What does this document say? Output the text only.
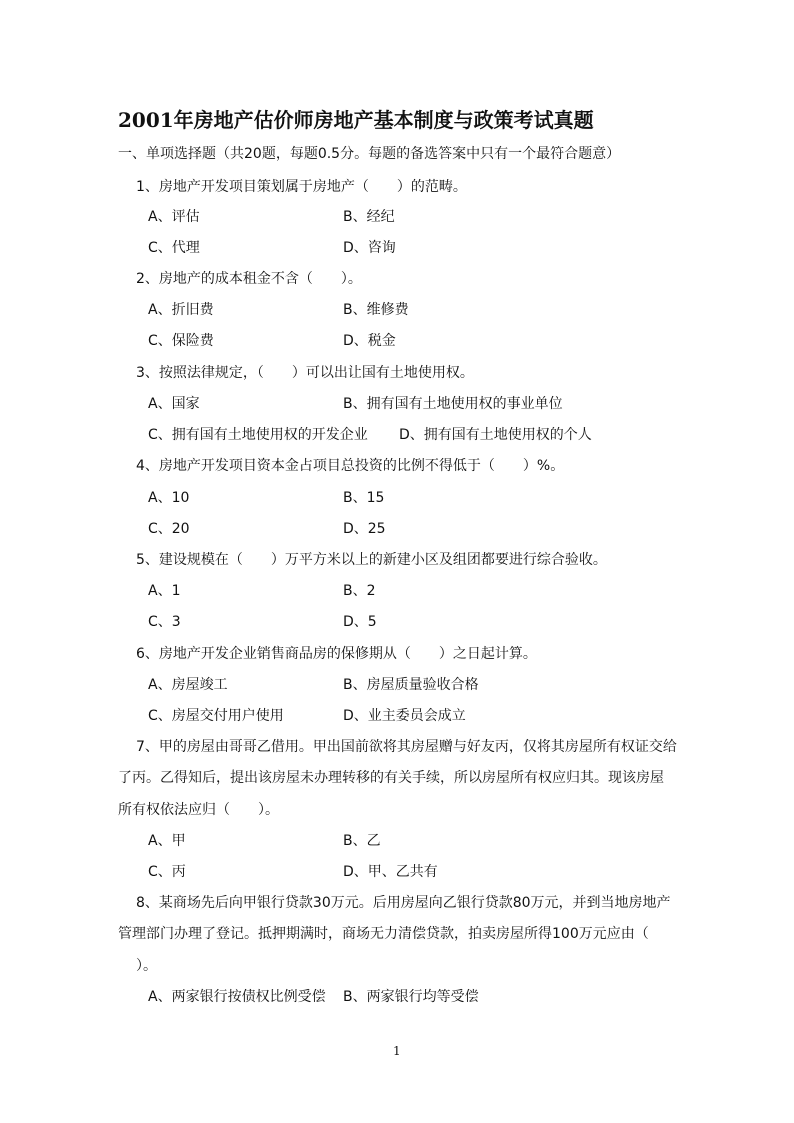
2001年房地产估价师房地产基本制度与政策考试真题
一、单项选择题（共20题，每题0.5分。每题的备选答案中只有一个最符合题意）
1、房地产开发项目策划属于房地产（　　）的范畴。
A、评估	B、经纪
C、代理	D、咨询
2、房地产的成本租金不含（　　）。
A、折旧费	B、维修费
C、保险费	D、税金
3、按照法律规定，（　　）可以出让国有土地使用权。
A、国家	B、拥有国有土地使用权的事业单位
C、拥有国有土地使用权的开发企业 D、拥有国有土地使用权的个人
4、房地产开发项目资本金占项目总投资的比例不得低于（　　）%。
A、10	B、15
C、20	D、25
5、建设规模在（　　）万平方米以上的新建小区及组团都要进行综合验收。
A、1	B、2
C、3	D、5
6、房地产开发企业销售商品房的保修期从（　　）之日起计算。
A、房屋竣工	B、房屋质量验收合格
C、房屋交付用户使用	D、业主委员会成立
7、甲的房屋由哥哥乙借用。甲出国前欲将其房屋赠与好友丙，仅将其房屋所有权证交给
了丙。乙得知后，提出该房屋未办理转移的有关手续，所以房屋所有权应归其。现该房屋
所有权依法应归（　　）。
A、甲	B、乙
C、丙	D、甲、乙共有
8、某商场先后向甲银行贷款30万元。后用房屋向乙银行贷款80万元，并到当地房地产
管理部门办理了登记。抵押期满时，商场无力清偿贷款，拍卖房屋所得100万元应由（
）。
A、两家银行按债权比例受偿 B、两家银行均等受偿
1
